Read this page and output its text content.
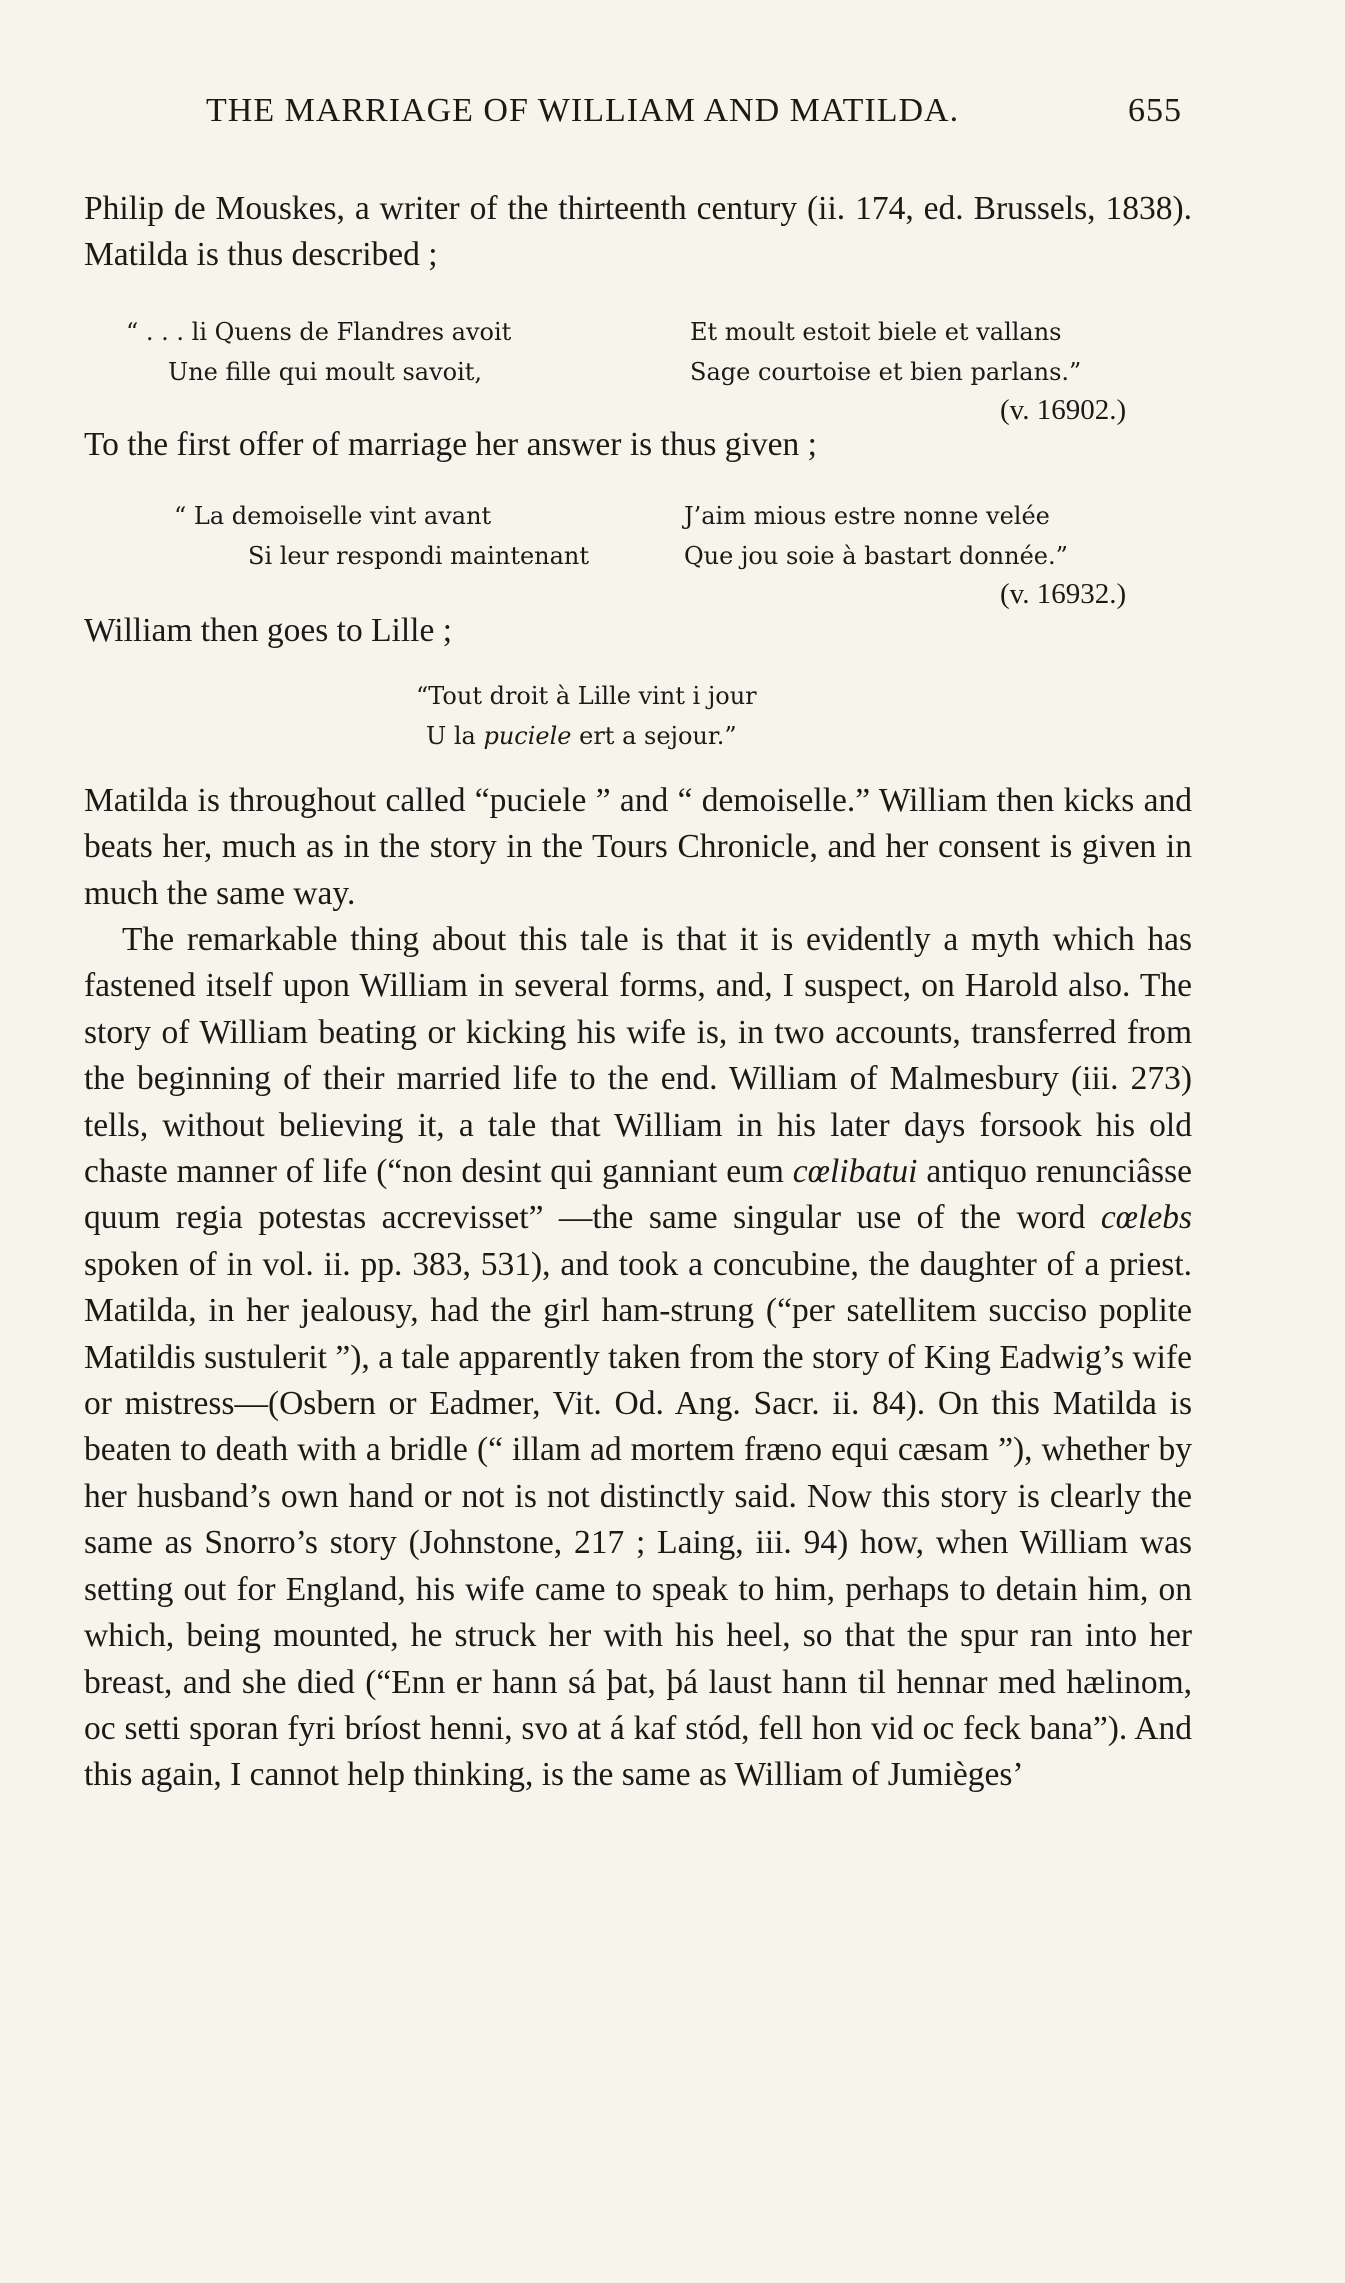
THE MARRIAGE OF WILLIAM AND MATILDA.	655

Philip de Mouskes, a writer of the thirteenth century (ii. 174, ed. Brussels, 1838). Matilda is thus described ;

“ . . . li Quens de Flandres avoit
Une fille qui moult savoit,
Et moult estoit biele et vallans
Sage courtoise et bien parlans.”
(v. 16902.)

To the first offer of marriage her answer is thus given ;

“ La demoiselle vint avant
Si leur respondi maintenant
J’aim mious estre nonne velée
Que jou soie à bastart donnée.”
(v. 16932.)

William then goes to Lille ;

“Tout droit à Lille vint i jour
U la puciele ert a sejour.”

Matilda is throughout called “puciele ” and “ demoiselle.” William then kicks and beats her, much as in the story in the Tours Chronicle, and her consent is given in much the same way.

The remarkable thing about this tale is that it is evidently a myth which has fastened itself upon William in several forms, and, I suspect, on Harold also. The story of William beating or kicking his wife is, in two accounts, transferred from the beginning of their married life to the end. William of Malmesbury (iii. 273) tells, without believing it, a tale that William in his later days forsook his old chaste manner of life (“non desint qui ganniant eum cœlibatui antiquo renunciâsse quum regia potestas accrevisset” —the same singular use of the word cœlebs spoken of in vol. ii. pp. 383, 531), and took a concubine, the daughter of a priest. Matilda, in her jealousy, had the girl ham-strung (“per satellitem succiso poplite Matildis sustulerit ”), a tale apparently taken from the story of King Eadwig’s wife or mistress—(Osbern or Eadmer, Vit. Od. Ang. Sacr. ii. 84). On this Matilda is beaten to death with a bridle (“ illam ad mortem fræno equi cæsam ”), whether by her husband’s own hand or not is not distinctly said. Now this story is clearly the same as Snorro’s story (Johnstone, 217 ; Laing, iii. 94) how, when William was setting out for England, his wife came to speak to him, perhaps to detain him, on which, being mounted, he struck her with his heel, so that the spur ran into her breast, and she died (“Enn er hann sá þat, þá laust hann til hennar med hælinom, oc setti sporan fyri bríost henni, svo at á kaf stód, fell hon vid oc feck bana”). And this again, I cannot help thinking, is the same as William of Jumièges’
